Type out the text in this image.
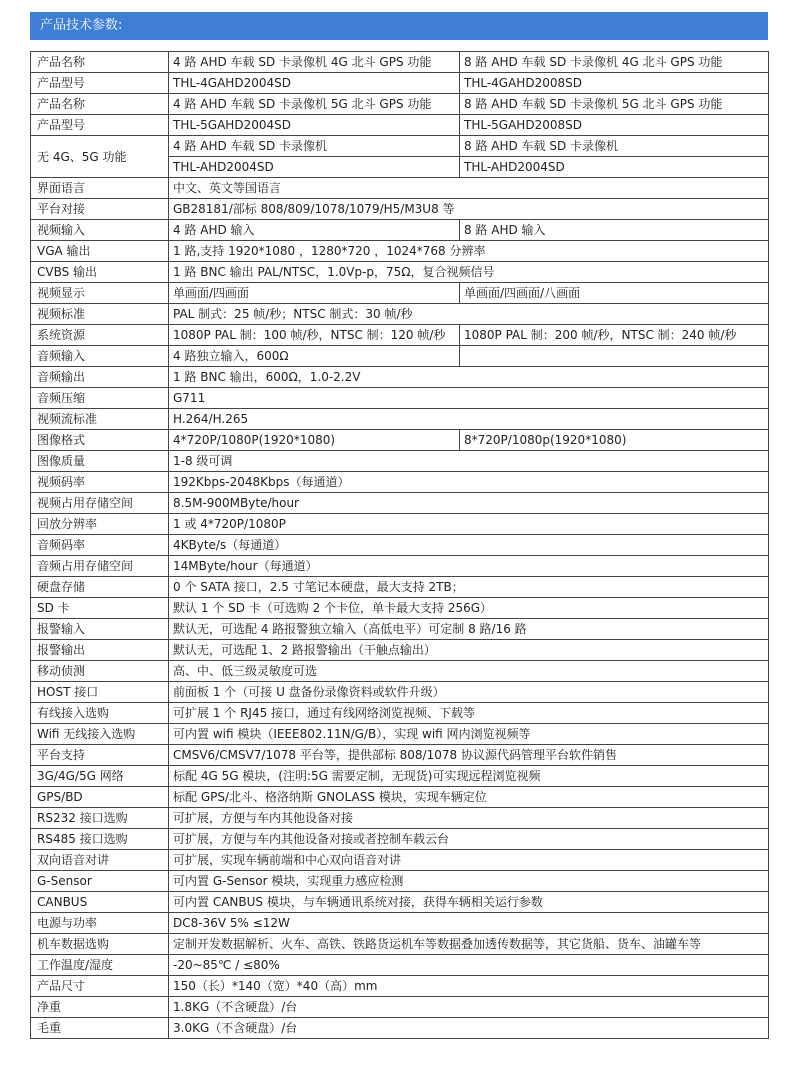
产品技术参数:
产品名称	4 路 AHD 车载 SD 卡录像机 4G 北斗 GPS 功能	8 路 AHD 车载 SD 卡录像机 4G 北斗 GPS 功能
产品型号	THL-4GAHD2004SD	THL-4GAHD2008SD
产品名称	4 路 AHD 车载 SD 卡录像机 5G 北斗 GPS 功能	8 路 AHD 车载 SD 卡录像机 5G 北斗 GPS 功能
产品型号	THL-5GAHD2004SD	THL-5GAHD2008SD
无 4G、5G 功能	4 路 AHD 车载 SD 卡录像机	8 路 AHD 车载 SD 卡录像机
	THL-AHD2004SD	THL-AHD2004SD
界面语言	中文、英文等国语言	
平台对接	GB28181/部标 808/809/1078/1079/H5/M3U8 等	
视频输入	4 路 AHD 输入	8 路 AHD 输入
VGA 输出	1 路,支持 1920*1080 ，1280*720 ，1024*768 分辨率	
CVBS 输出	1 路 BNC 输出 PAL/NTSC，1.0Vp-p，75Ω，复合视频信号	
视频显示	单画面/四画面	单画面/四画面/八画面
视频标准	PAL 制式：25 帧/秒；NTSC 制式：30 帧/秒	
系统资源	1080P PAL 制：100 帧/秒，NTSC 制：120 帧/秒	1080P PAL 制：200 帧/秒，NTSC 制：240 帧/秒
音频输入	4 路独立输入，600Ω	
音频输出	1 路 BNC 输出，600Ω，1.0-2.2V	
音频压缩	G711	
视频流标准	H.264/H.265	
图像格式	4*720P/1080P(1920*1080)	8*720P/1080p(1920*1080)
图像质量	1-8 级可调	
视频码率	192Kbps-2048Kbps（每通道）	
视频占用存储空间	8.5M-900MByte/hour	
回放分辨率	1 或 4*720P/1080P	
音频码率	4KByte/s（每通道）	
音频占用存储空间	14MByte/hour（每通道）	
硬盘存储	0 个 SATA 接口，2.5 寸笔记本硬盘，最大支持 2TB；	
SD 卡	默认 1 个 SD 卡（可选购 2 个卡位，单卡最大支持 256G）	
报警输入	默认无，可选配 4 路报警独立输入（高低电平）可定制 8 路/16 路	
报警输出	默认无，可选配 1、2 路报警输出（干触点输出）	
移动侦测	高、中、低三级灵敏度可选	
HOST 接口	前面板 1 个（可接 U 盘备份录像资料或软件升级）	
有线接入选购	可扩展 1 个 RJ45 接口，通过有线网络浏览视频、下载等	
Wifi 无线接入选购	可内置 wifi 模块（IEEE802.11N/G/B），实现 wifi 网内浏览视频等	
平台支持	CMSV6/CMSV7/1078 平台等，提供部标 808/1078 协议源代码管理平台软件销售	
3G/4G/5G 网络	标配 4G 5G 模块，(注明:5G 需要定制，无现货)可实现远程浏览视频	
GPS/BD	标配 GPS/北斗、格洛纳斯 GNOLASS 模块，实现车辆定位	
RS232 接口选购	可扩展，方便与车内其他设备对接	
RS485 接口选购	可扩展，方便与车内其他设备对接或者控制车载云台	
双向语音对讲	可扩展，实现车辆前端和中心双向语音对讲	
G-Sensor	可内置 G-Sensor 模块，实现重力感应检测	
CANBUS	可内置 CANBUS 模块，与车辆通讯系统对接，获得车辆相关运行参数	
电源与功率	DC8-36V 5% ≤12W	
机车数据选购	定制开发数据解析、火车、高铁、铁路货运机车等数据叠加透传数据等，其它货船、货车、油罐车等	
工作温度/湿度	-20~85℃ / ≤80%	
产品尺寸	150（长）*140（宽）*40（高）mm	
净重	1.8KG（不含硬盘）/台	
毛重	3.0KG（不含硬盘）/台	
